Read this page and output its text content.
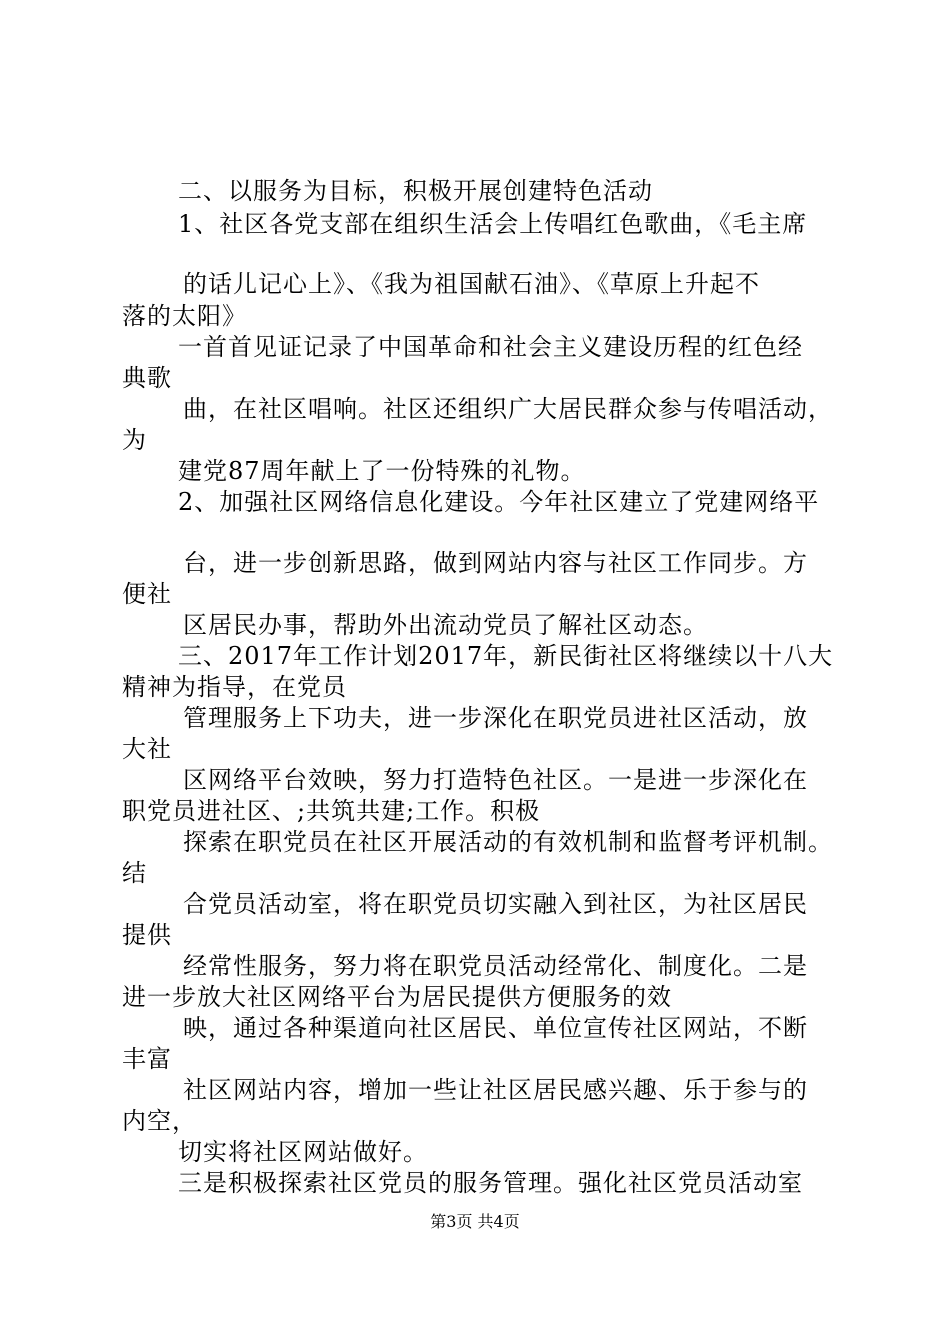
二、以服务为目标，积极开展创建特色活动
1、社区各党支部在组织生活会上传唱红色歌曲，《毛主席
的话儿记心上》、《我为祖国献石油》、《草原上升起不
落的太阳》
一首首见证记录了中国革命和社会主义建设历程的红色经
典歌
曲，在社区唱响。社区还组织广大居民群众参与传唱活动，
为
建党87周年献上了一份特殊的礼物。
2、加强社区网络信息化建设。今年社区建立了党建网络平
台，进一步创新思路，做到网站内容与社区工作同步。方
便社
区居民办事，帮助外出流动党员了解社区动态。
三、2017年工作计划2017年，新民街社区将继续以十八大
精神为指导，在党员
管理服务上下功夫，进一步深化在职党员进社区活动，放
大社
区网络平台效映，努力打造特色社区。一是进一步深化在
职党员进社区、;共筑共建;工作。积极
探索在职党员在社区开展活动的有效机制和监督考评机制。
结
合党员活动室，将在职党员切实融入到社区，为社区居民
提供
经常性服务，努力将在职党员活动经常化、制度化。二是
进一步放大社区网络平台为居民提供方便服务的效
映，通过各种渠道向社区居民、单位宣传社区网站，不断
丰富
社区网站内容，增加一些让社区居民感兴趣、乐于参与的
内空，
切实将社区网站做好。
三是积极探索社区党员的服务管理。强化社区党员活动室
第3页 共4页
